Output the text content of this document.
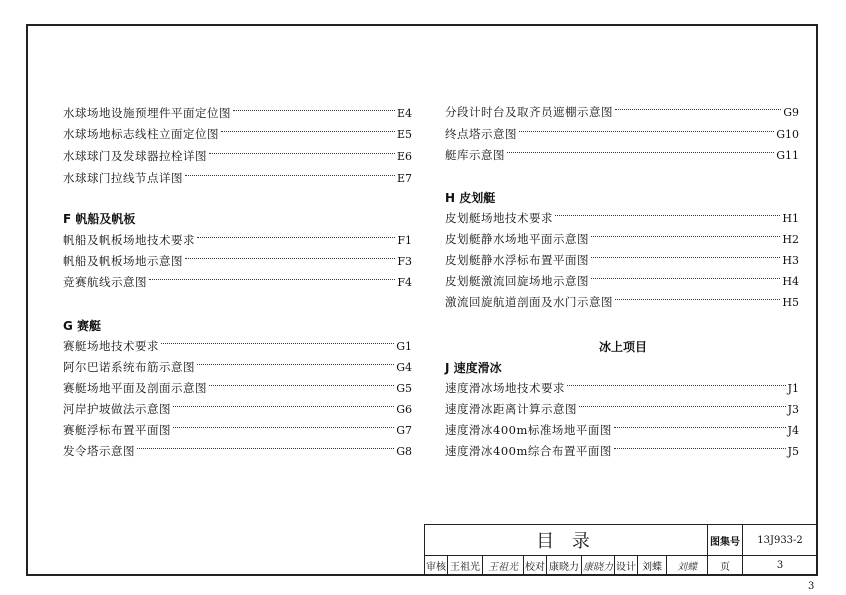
水球场地设施预埋件平面定位图	E4
水球场地标志线柱立面定位图	E5
水球球门及发球器拉栓详图	E6
水球球门拉线节点详图	E7
F 帆船及帆板
帆船及帆板场地技术要求	F1
帆船及帆板场地示意图	F3
竞赛航线示意图	F4
G 赛艇
赛艇场地技术要求	G1
阿尔巴诺系统布筋示意图	G4
赛艇场地平面及剖面示意图	G5
河岸护坡做法示意图	G6
赛艇浮标布置平面图	G7
发令塔示意图	G8
分段计时台及取齐员遮棚示意图	G9
终点塔示意图	G10
艇库示意图	G11
H 皮划艇
皮划艇场地技术要求	H1
皮划艇静水场地平面示意图	H2
皮划艇静水浮标布置平面图	H3
皮划艇激流回旋场地示意图	H4
激流回旋航道剖面及水门示意图	H5
冰上项目
J 速度滑冰
速度滑冰场地技术要求	J1
速度滑冰距离计算示意图	J3
速度滑冰400m标准场地平面图	J4
速度滑冰400m综合布置平面图	J5
目 录	图集号	13J933-2
审核 王祖光 王祖光 校对 康晓力 康晓力 设计 刘蝶	刘蝶	页	3
3
